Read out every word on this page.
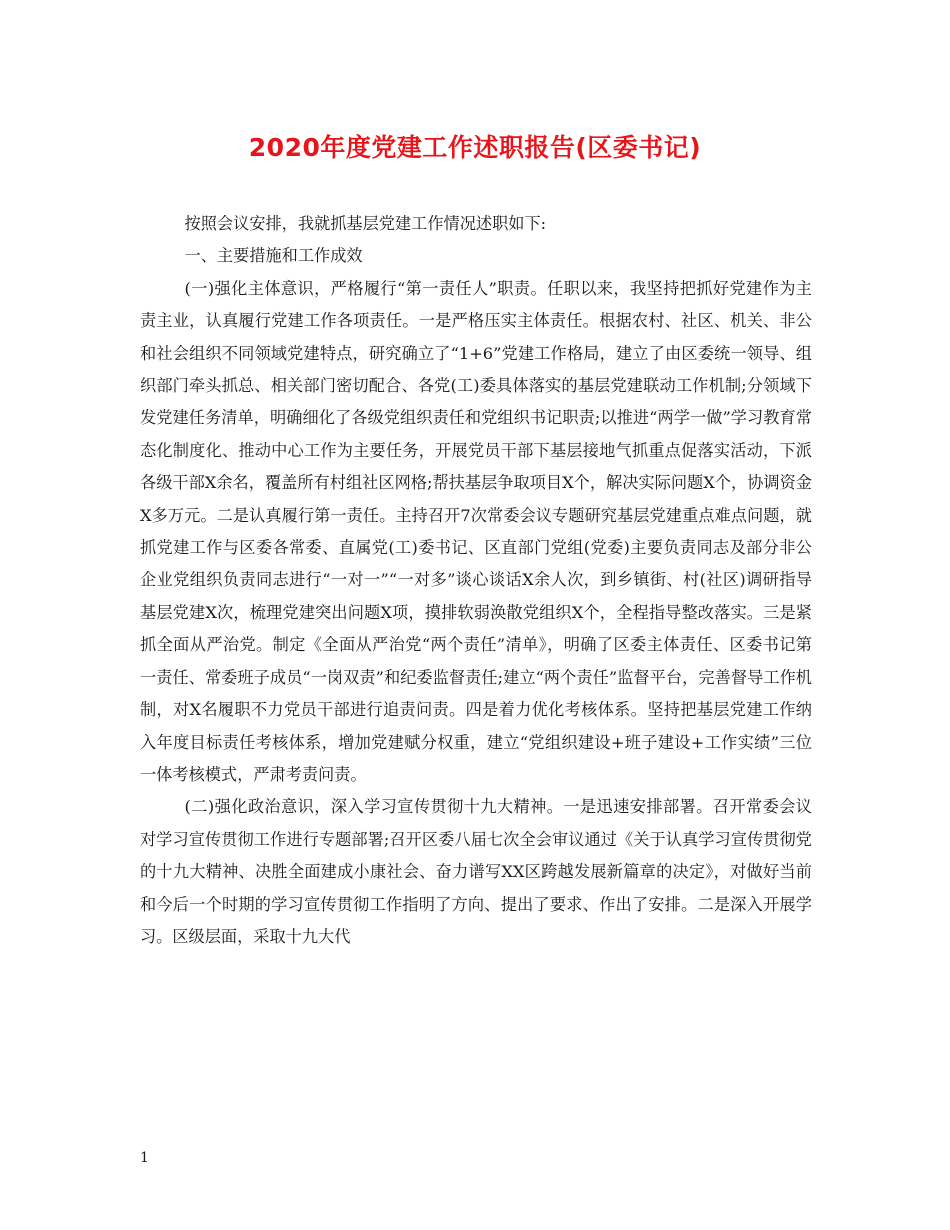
2020年度党建工作述职报告(区委书记)

按照会议安排，我就抓基层党建工作情况述职如下:

一、主要措施和工作成效

(一)强化主体意识，严格履行“第一责任人”职责。任职以来，我坚持把抓好党建作为主责主业，认真履行党建工作各项责任。一是严格压实主体责任。根据农村、社区、机关、非公和社会组织不同领域党建特点，研究确立了“1+6”党建工作格局，建立了由区委统一领导、组织部门牵头抓总、相关部门密切配合、各党(工)委具体落实的基层党建联动工作机制;分领域下发党建任务清单，明确细化了各级党组织责任和党组织书记职责;以推进“两学一做”学习教育常态化制度化、推动中心工作为主要任务，开展党员干部下基层接地气抓重点促落实活动，下派各级干部X余名，覆盖所有村组社区网格;帮扶基层争取项目X个，解决实际问题X个，协调资金X多万元。二是认真履行第一责任。主持召开7次常委会议专题研究基层党建重点难点问题，就抓党建工作与区委各常委、直属党(工)委书记、区直部门党组(党委)主要负责同志及部分非公企业党组织负责同志进行“一对一”“一对多”谈心谈话X余人次，到乡镇街、村(社区)调研指导基层党建X次，梳理党建突出问题X项，摸排软弱涣散党组织X个，全程指导整改落实。三是紧抓全面从严治党。制定《全面从严治党“两个责任”清单》，明确了区委主体责任、区委书记第一责任、常委班子成员“一岗双责”和纪委监督责任;建立“两个责任”监督平台，完善督导工作机制，对X名履职不力党员干部进行追责问责。四是着力优化考核体系。坚持把基层党建工作纳入年度目标责任考核体系，增加党建赋分权重，建立“党组织建设+班子建设+工作实绩”三位一体考核模式，严肃考责问责。

(二)强化政治意识，深入学习宣传贯彻十九大精神。一是迅速安排部署。召开常委会议对学习宣传贯彻工作进行专题部署;召开区委八届七次全会审议通过《关于认真学习宣传贯彻党的十九大精神、决胜全面建成小康社会、奋力谱写XX区跨越发展新篇章的决定》，对做好当前和今后一个时期的学习宣传贯彻工作指明了方向、提出了要求、作出了安排。二是深入开展学习。区级层面，采取十九大代

1
